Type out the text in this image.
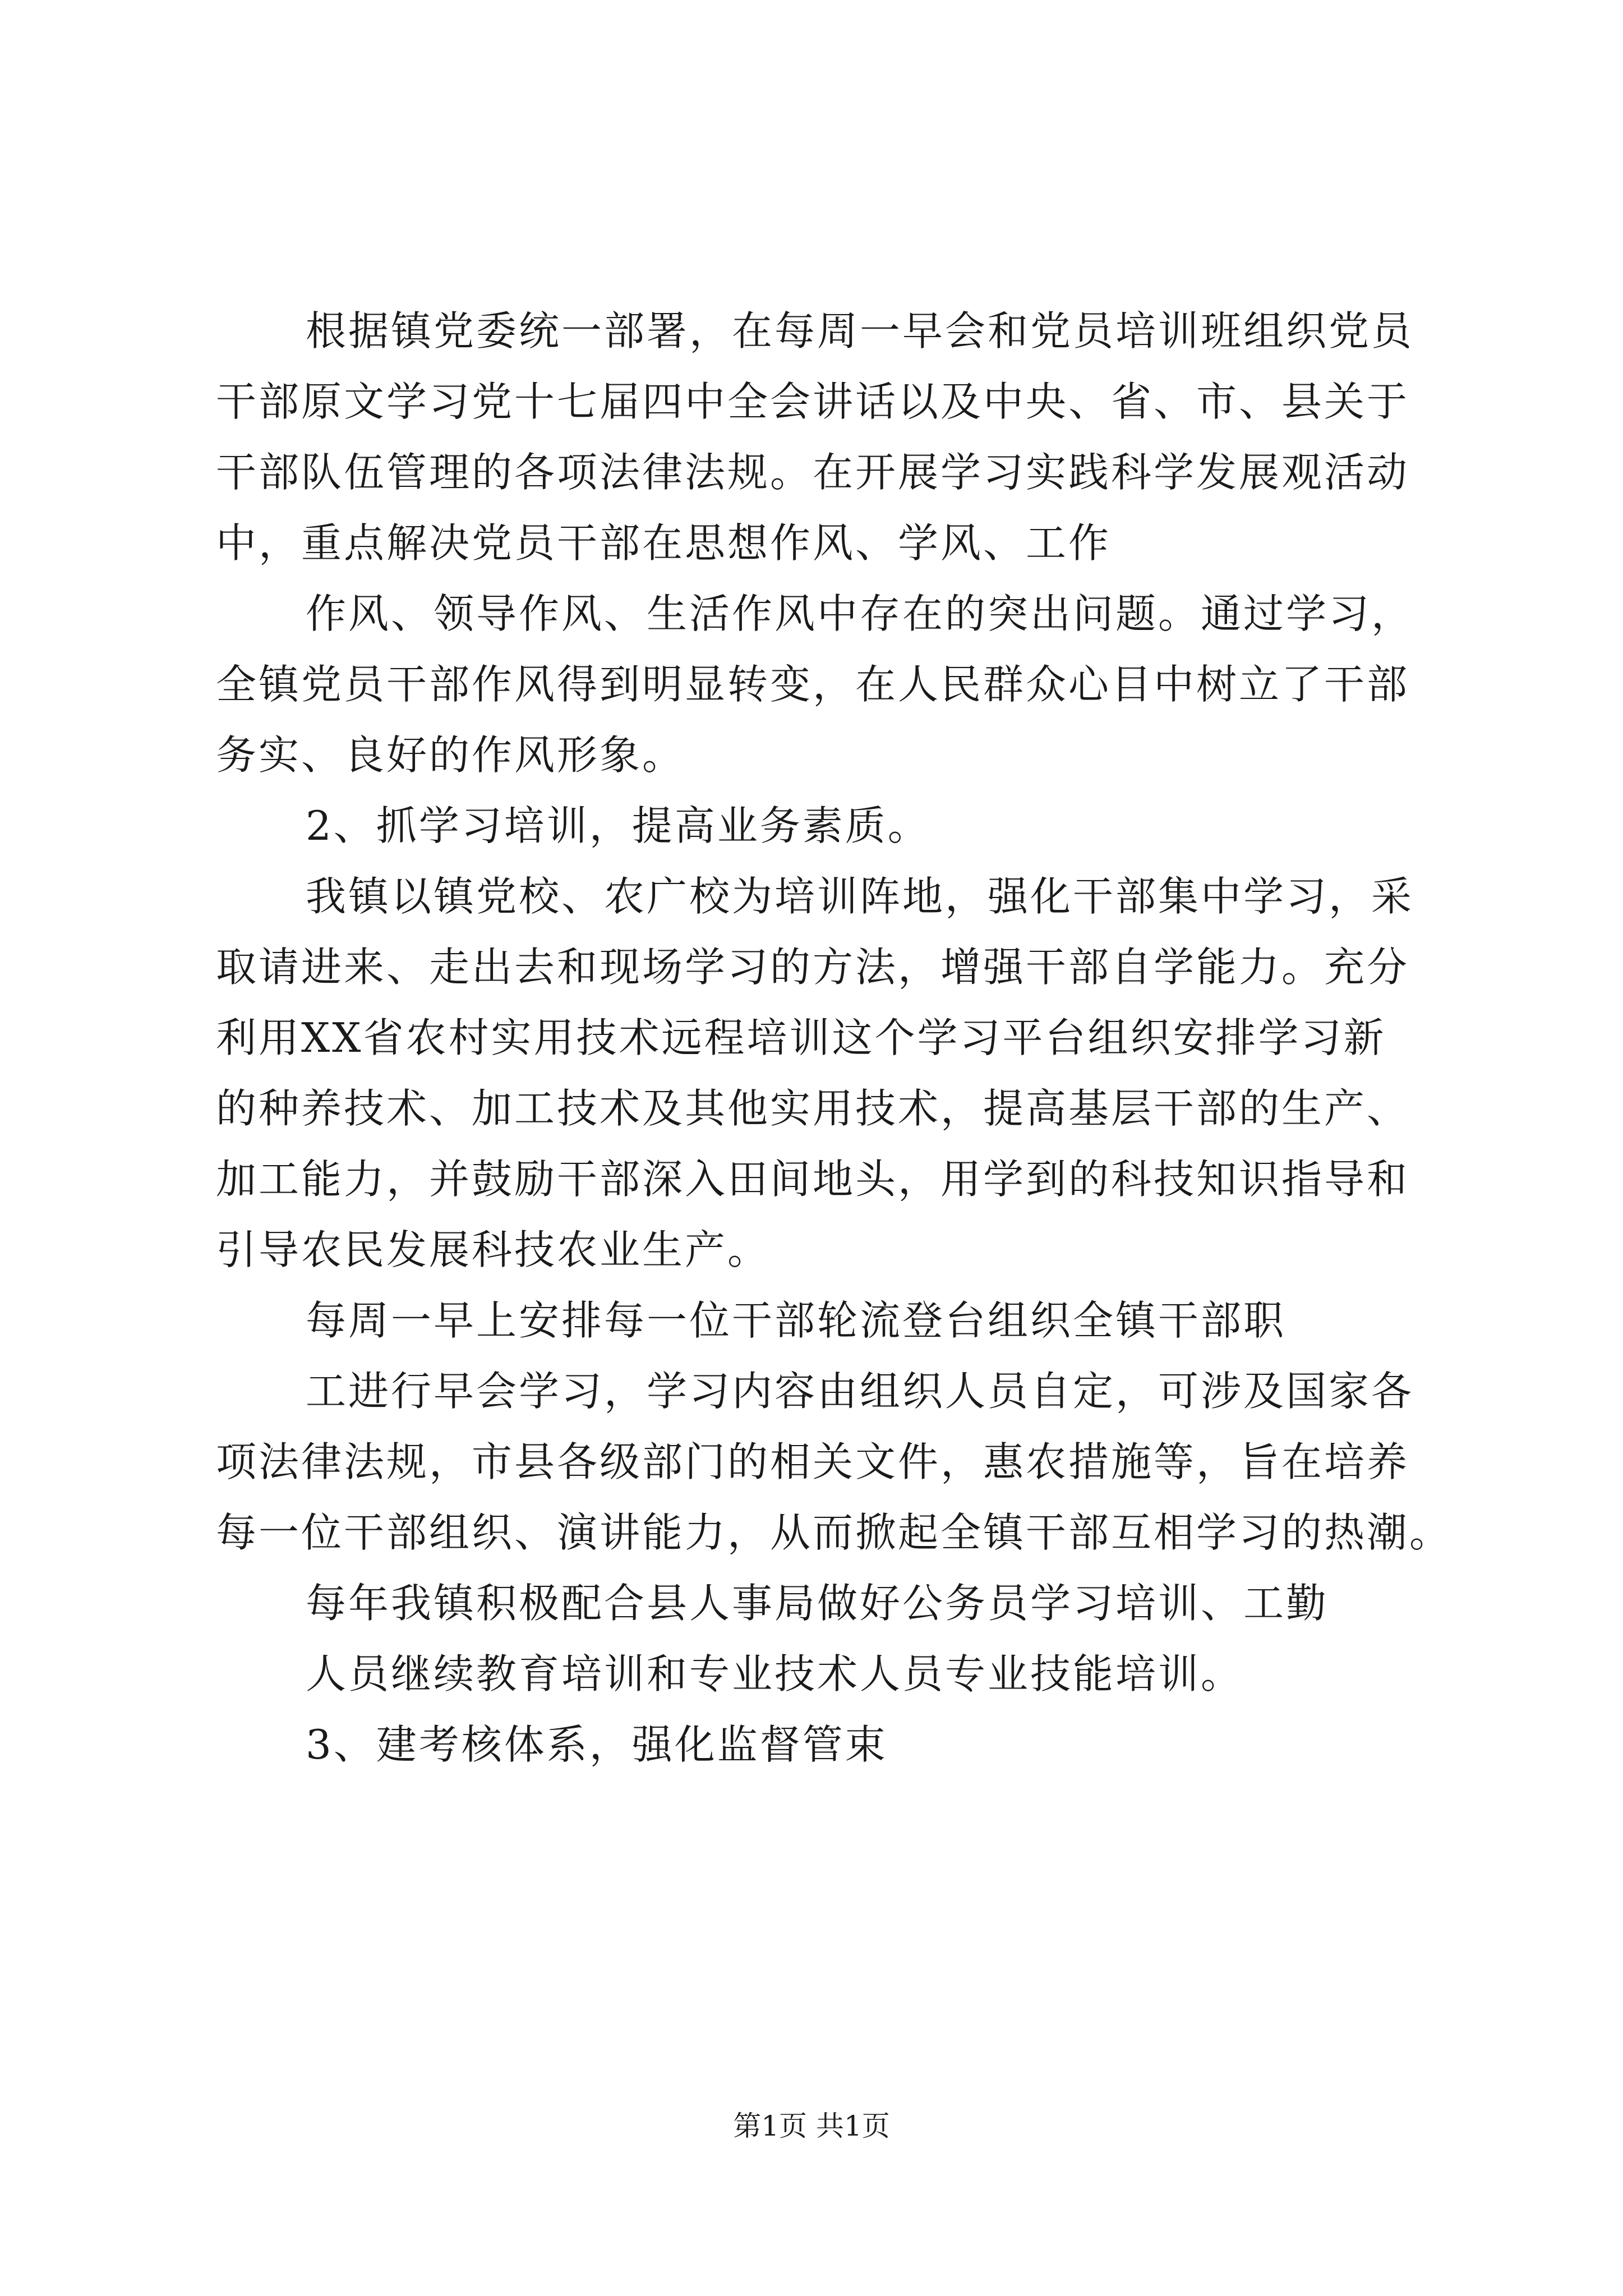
根据镇党委统一部署，在每周一早会和党员培训班组织党员
干部原文学习党十七届四中全会讲话以及中央、省、市、县关于
干部队伍管理的各项法律法规。在开展学习实践科学发展观活动
中，重点解决党员干部在思想作风、学风、工作
作风、领导作风、生活作风中存在的突出问题。通过学习，
全镇党员干部作风得到明显转变，在人民群众心目中树立了干部
务实、良好的作风形象。
2、抓学习培训，提高业务素质。
我镇以镇党校、农广校为培训阵地，强化干部集中学习，采
取请进来、走出去和现场学习的方法，增强干部自学能力。充分
利用XX省农村实用技术远程培训这个学习平台组织安排学习新
的种养技术、加工技术及其他实用技术，提高基层干部的生产、
加工能力，并鼓励干部深入田间地头，用学到的科技知识指导和
引导农民发展科技农业生产。
每周一早上安排每一位干部轮流登台组织全镇干部职
工进行早会学习，学习内容由组织人员自定，可涉及国家各
项法律法规，市县各级部门的相关文件，惠农措施等，旨在培养
每一位干部组织、演讲能力，从而掀起全镇干部互相学习的热潮。
每年我镇积极配合县人事局做好公务员学习培训、工勤
人员继续教育培训和专业技术人员专业技能培训。
3、建考核体系，强化监督管束
第1页 共1页
